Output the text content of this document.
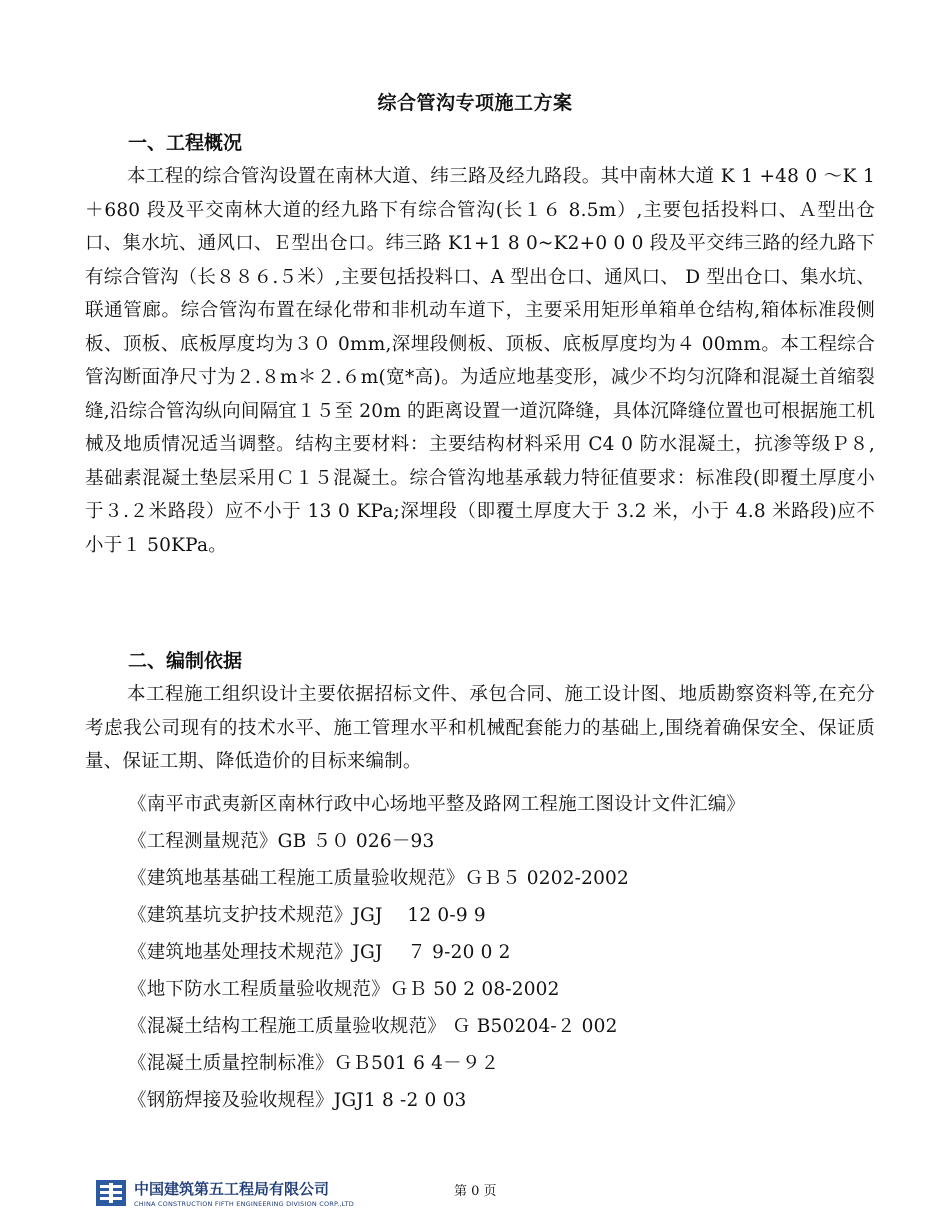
综合管沟专项施工方案
一、工程概况
本工程的综合管沟设置在南林大道、纬三路及经九路段。其中南林大道 K 1 +48 0 ～K 1 ＋680 段及平交南林大道的经九路下有综合管沟(长１６ 8.5m）,主要包括投料口、Ａ型出仓口、集水坑、通风口、Ｅ型出仓口。纬三路 K1+1 8 0~K2+0 0 0 段及平交纬三路的经九路下有综合管沟（长８８６.５米）,主要包括投料口、A 型出仓口、通风口、 D 型出仓口、集水坑、联通管廊。综合管沟布置在绿化带和非机动车道下，主要采用矩形单箱单仓结构,箱体标准段侧板、顶板、底板厚度均为３０ 0mm,深埋段侧板、顶板、底板厚度均为４ 00mm。本工程综合管沟断面净尺寸为２.８m＊２.６m(宽*高)。为适应地基变形，减少不均匀沉降和混凝土首缩裂缝,沿综合管沟纵向间隔宜１５至 20m 的距离设置一道沉降缝，具体沉降缝位置也可根据施工机械及地质情况适当调整。结构主要材料：主要结构材料采用 C4 0 防水混凝土，抗渗等级Ｐ８,基础素混凝土垫层采用Ｃ１５混凝土。综合管沟地基承载力特征值要求：标准段(即覆土厚度小于３.２米路段）应不小于 13 0 KPa;深埋段（即覆土厚度大于 3.2 米，小于 4.8 米路段)应不小于１ 50KPa。
二、编制依据
本工程施工组织设计主要依据招标文件、承包合同、施工设计图、地质勘察资料等,在充分考虑我公司现有的技术水平、施工管理水平和机械配套能力的基础上,围绕着确保安全、保证质量、保证工期、降低造价的目标来编制。
《南平市武夷新区南林行政中心场地平整及路网工程施工图设计文件汇编》
《工程测量规范》GB ５０ 026－93
《建筑地基基础工程施工质量验收规范》ＧＢ５ 0202-2002
《建筑基坑支护技术规范》JGJ　 12 0-9 9
《建筑地基处理技术规范》JGJ　 ７ 9-20 0 2
《地下防水工程质量验收规范》ＧＢ 50 2 08-2002
《混凝土结构工程施工质量验收规范》 Ｇ B50204-２ 002
《混凝土质量控制标准》ＧＢ501 6 4－９２
《钢筋焊接及验收规程》JGJ1 8 -2 0 03
中国建筑第五工程局有限公司
CHINA CONSTRUCTION FIFTH ENGINEERING DIVISION CORP.,LTD
第 0 页
